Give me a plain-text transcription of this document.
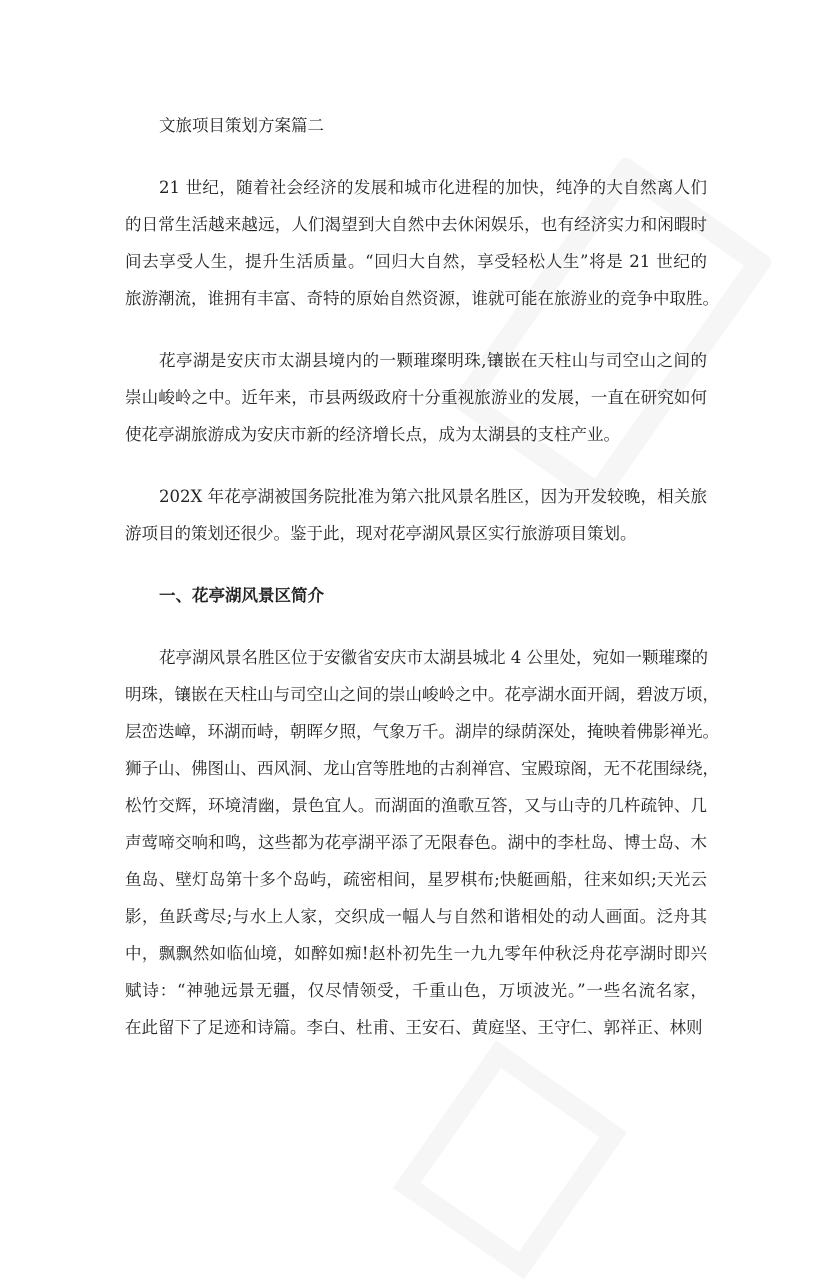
文旅项目策划方案篇二
21 世纪，随着社会经济的发展和城市化进程的加快，纯净的大自然离人们
的日常生活越来越远，人们渴望到大自然中去休闲娱乐，也有经济实力和闲暇时
间去享受人生，提升生活质量。“回归大自然，享受轻松人生”将是 21 世纪的
旅游潮流，谁拥有丰富、奇特的原始自然资源，谁就可能在旅游业的竞争中取胜。
花亭湖是安庆市太湖县境内的一颗璀璨明珠,镶嵌在天柱山与司空山之间的
崇山峻岭之中。近年来，市县两级政府十分重视旅游业的发展，一直在研究如何
使花亭湖旅游成为安庆市新的经济增长点，成为太湖县的支柱产业。
202X 年花亭湖被国务院批准为第六批风景名胜区，因为开发较晚，相关旅
游项目的策划还很少。鉴于此，现对花亭湖风景区实行旅游项目策划。
一、花亭湖风景区简介
花亭湖风景名胜区位于安徽省安庆市太湖县城北 4 公里处，宛如一颗璀璨的
明珠，镶嵌在天柱山与司空山之间的崇山峻岭之中。花亭湖水面开阔，碧波万顷，
层峦迭嶂，环湖而峙，朝晖夕照，气象万千。湖岸的绿荫深处，掩映着佛影禅光。
狮子山、佛图山、西风洞、龙山宫等胜地的古刹禅宫、宝殿琼阁，无不花围绿绕，
松竹交辉，环境清幽，景色宜人。而湖面的渔歌互答，又与山寺的几杵疏钟、几
声莺啼交响和鸣，这些都为花亭湖平添了无限春色。湖中的李杜岛、博士岛、木
鱼岛、壁灯岛第十多个岛屿，疏密相间，星罗棋布;快艇画船，往来如织;天光云
影，鱼跃鸢尽;与水上人家，交织成一幅人与自然和谐相处的动人画面。泛舟其
中，飘飘然如临仙境，如醉如痴!赵朴初先生一九九零年仲秋泛舟花亭湖时即兴
赋诗：“神驰远景无疆，仅尽情领受，千重山色，万顷波光。”一些名流名家，
在此留下了足迹和诗篇。李白、杜甫、王安石、黄庭坚、王守仁、郭祥正、林则
